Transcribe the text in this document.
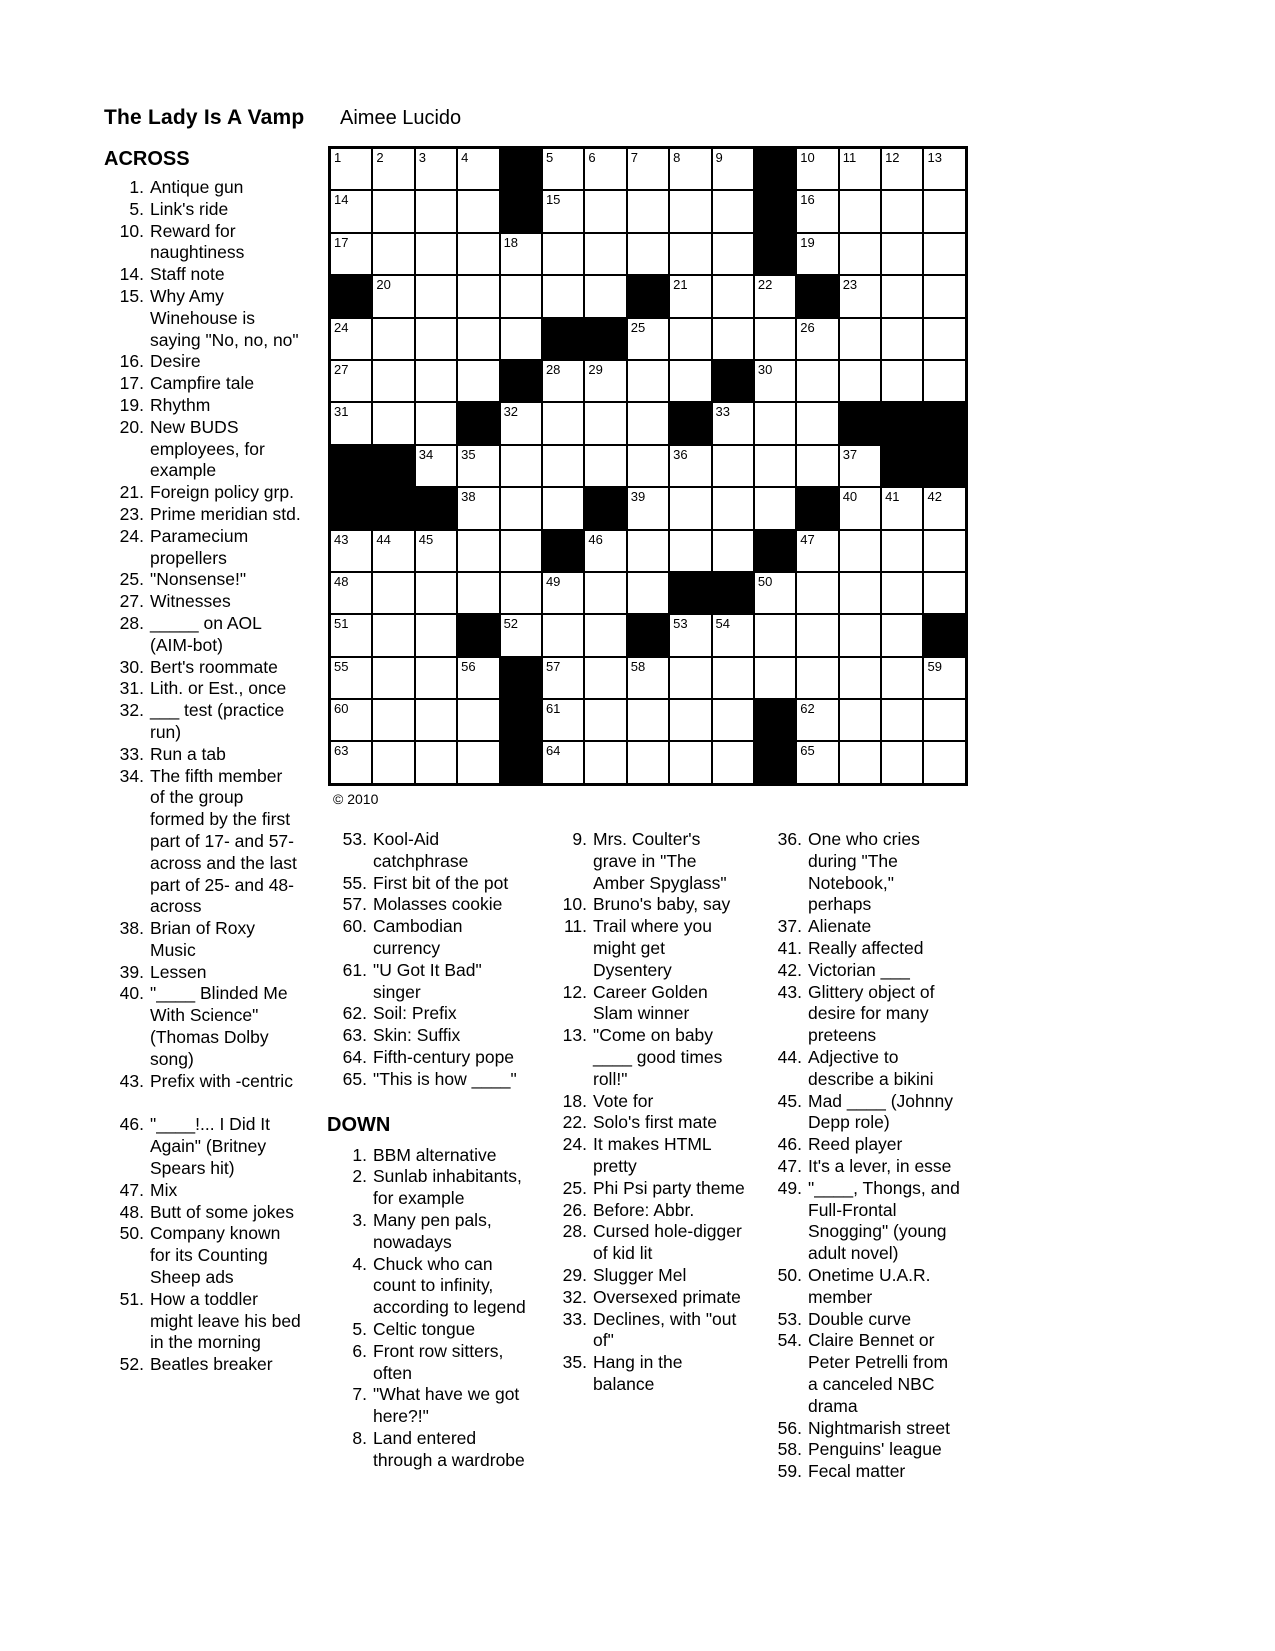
The Lady Is A Vamp Aimee Lucido
1	2	3	4	5	6	7	8	9	10 11 12 13
14	15	16
17	18	19
20	21	22	23
24	25	26
27	28 29	30
31	32	33
34 35	36	37
38	39	40 41 42
43 44 45	46	47
48	49	50
51	52	53 54
55	56	57	58	59
60	61	62
63	64	65
© 2010
ACROSS
1. Antique gun
5. Link's ride
10. Reward for naughtiness
14. Staff note
15. Why Amy Winehouse is saying "No, no, no"
16. Desire
17. Campfire tale
19. Rhythm
20. New BUDS employees, for example
21. Foreign policy grp.
23. Prime meridian std.
24. Paramecium propellers
25. "Nonsense!"
27. Witnesses
28. _____ on AOL (AIM-bot)
30. Bert's roommate
31. Lith. or Est., once
32. ___ test (practice run)
33. Run a tab
34. The fifth member of the group formed by the first part of 17- and 57-across and the last part of 25- and 48-across
38. Brian of Roxy Music
39. Lessen
40. "____ Blinded Me With Science" (Thomas Dolby song)
43. Prefix with -centric
46. "____!... I Did It Again" (Britney Spears hit)
47. Mix
48. Butt of some jokes
50. Company known for its Counting Sheep ads
51. How a toddler might leave his bed in the morning
52. Beatles breaker
53. Kool-Aid catchphrase
55. First bit of the pot
57. Molasses cookie
60. Cambodian currency
61. "U Got It Bad" singer
62. Soil: Prefix
63. Skin: Suffix
64. Fifth-century pope
65. "This is how ____"
DOWN
1. BBM alternative
2. Sunlab inhabitants, for example
3. Many pen pals, nowadays
4. Chuck who can count to infinity, according to legend
5. Celtic tongue
6. Front row sitters, often
7. "What have we got here?!"
8. Land entered through a wardrobe
9. Mrs. Coulter's grave in "The Amber Spyglass"
10. Bruno's baby, say
11. Trail where you might get Dysentery
12. Career Golden Slam winner
13. "Come on baby ____ good times roll!"
18. Vote for
22. Solo's first mate
24. It makes HTML pretty
25. Phi Psi party theme
26. Before: Abbr.
28. Cursed hole-digger of kid lit
29. Slugger Mel
32. Oversexed primate
33. Declines, with "out of"
35. Hang in the balance
36. One who cries during "The Notebook," perhaps
37. Alienate
41. Really affected
42. Victorian ___
43. Glittery object of desire for many preteens
44. Adjective to describe a bikini
45. Mad ____ (Johnny Depp role)
46. Reed player
47. It's a lever, in esse
49. "____, Thongs, and Full-Frontal Snogging" (young adult novel)
50. Onetime U.A.R. member
53. Double curve
54. Claire Bennet or Peter Petrelli from a canceled NBC drama
56. Nightmarish street
58. Penguins' league
59. Fecal matter
